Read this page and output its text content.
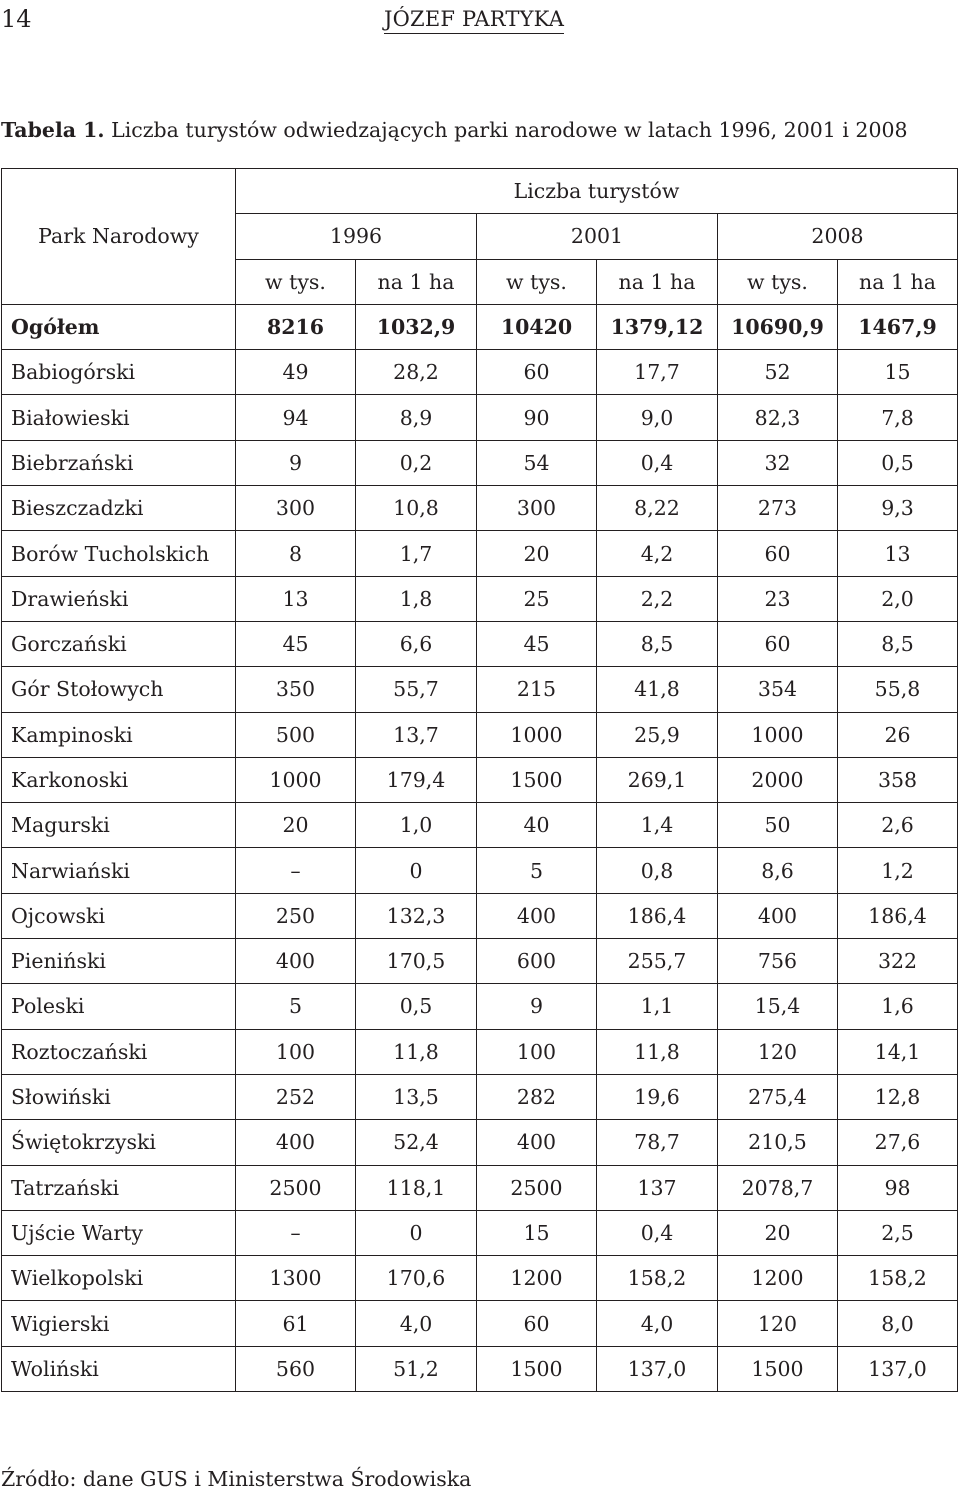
14	JÓZEF PARTYKA
Tabela 1. Liczba turystów odwiedzających parki narodowe w latach 1996, 2001 i 2008
Park Narodowy	Liczba turystów					
	1996		2001		2008	
	w tys.	na 1 ha	w tys.	na 1 ha	w tys.	na 1 ha
Ogółem	8216	1032,9	10420	1379,12	10690,9	1467,9
Babiogórski	49	28,2	60	17,7	52	15
Białowieski	94	8,9	90	9,0	82,3	7,8
Biebrzański	9	0,2	54	0,4	32	0,5
Bieszczadzki	300	10,8	300	8,22	273	9,3
Borów Tucholskich	8	1,7	20	4,2	60	13
Drawieński	13	1,8	25	2,2	23	2,0
Gorczański	45	6,6	45	8,5	60	8,5
Gór Stołowych	350	55,7	215	41,8	354	55,8
Kampinoski	500	13,7	1000	25,9	1000	26
Karkonoski	1000	179,4	1500	269,1	2000	358
Magurski	20	1,0	40	1,4	50	2,6
Narwiański	–	0	5	0,8	8,6	1,2
Ojcowski	250	132,3	400	186,4	400	186,4
Pieniński	400	170,5	600	255,7	756	322
Poleski	5	0,5	9	1,1	15,4	1,6
Roztoczański	100	11,8	100	11,8	120	14,1
Słowiński	252	13,5	282	19,6	275,4	12,8
Świętokrzyski	400	52,4	400	78,7	210,5	27,6
Tatrzański	2500	118,1	2500	137	2078,7	98
Ujście Warty	–	0	15	0,4	20	2,5
Wielkopolski	1300	170,6	1200	158,2	1200	158,2
Wigierski	61	4,0	60	4,0	120	8,0
Woliński	560	51,2	1500	137,0	1500	137,0
Źródło: dane GUS i Ministerstwa Środowiska
